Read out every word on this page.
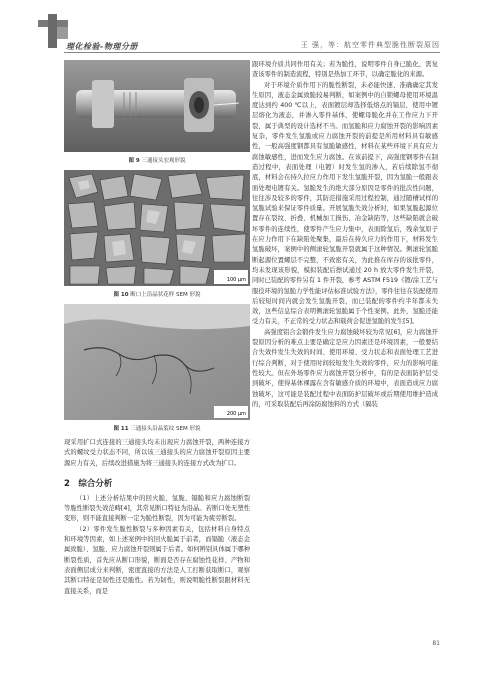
理化检验-物理分册	王 强，等：航空零件典型脆性断裂原因
图 9 三通接头宏观形貌
100 μm
图 10 断口上沿晶状花样 SEM 形貌
200 μm
图 11 三通接头沿晶裂纹 SEM 形貌

现采用扩口式连接的三通接头均未出现应力腐蚀开裂，两种连接方式的螺纹受力状态不同，所以该三通接头的应力腐蚀开裂原因主要源应力有关，后续改进措施为将三通接头的连接方式改为扩口。

2　综合分析

（1）上述分析结果中的回火脆、氢脆、镉脆和应力腐蚀断裂等脆性断裂失效范畴[4]，其常见断口特征为沿晶。若断口处无塑性变形，则不能直接判断一定为脆性断裂，因为可能为疲劳断裂。

（2）零件发生脆性断裂与多种因素有关，包括材料自身特点和环境等因素，如上述案例中的回火脆属于前者，而镉脆（液态金属致脆）、氢脆、应力腐蚀开裂则属于后者。如何辨别具体属于哪种断裂性质，首先应从断口形貌，断面是否存在腐蚀性花样、产物和表面侧层成分来判断，密度直接的方法是人工打断获取断口，观察其断口特征是韧性还是脆性。若为韧性，则说明脆性断裂跟材料无直接关系，而是

跟环境介质共同作用有关；若为脆性，说明零件自身已脆化，需复查该零件的制造流程，特别是热加工环节，以确定脆化的来源。

对于环境介质作用下的脆性断裂，未必能快速、准确确定其发生原因，液态金属致脆较易判断，如案例中的自锁螺母使用环境温度达到约 400 ℃以上，表面镀层却选择低熔点的镉层，使用中镀层熔化为液态，并渗入零件基体，使螺母脆化并在工作应力下开裂，属于典型的设计选材不当。而氢脆和应力腐蚀开裂的影响因素复杂，零件发生氢脆或应力腐蚀开裂的前提是所用材料具有敏感性，一般高强度钢都具有氢脆敏感性，材料在某些环境下具有应力腐蚀敏感性，进而发生应力腐蚀。在该前提下，高强度钢零件在制造过程中，表面处理（电镀）时发生氢的渗入，若后续除氢不彻底，材料会在持久拉应力作用下发生氢脆开裂，因为氢脆一般跟表面处理电镀有关。氢脆发生的绝大部分原因是零件的批次性问题，往往涉及较多的零件，其防范措施采用过程控制，通过随槽试样的氢脆试验来保证零件质量。开展氢脆失效分析时，如果氢脆起源位置存在裂纹、折叠、机械加工损伤、冶金缺陷等，这些缺陷就会破坏零件的连续性，使零件产生应力集中，表面除氢后，残余氢原子在应力作用下在缺陷处聚集，最后在持久应力的作用下，材料发生氢脆破坏，案例中的侧滚轮氢脆开裂就属于这种情况。侧滚轮氢脆断起源位置螺层不完整，不致密有关，为此推在库存的该批零件，均未发现该形貌，模拟装配后擦试通过 20 h 放大零件发生开裂，同时已装配的零件另有 1 件开裂，参考 ASTM F519《镀/涂工艺与服役环境的氢脆力学性能评估标准试验方法》，零件往往在装配使用后较短时间内就会发生氢脆开裂，而已装配的零件约半年都未失效，这些信息综合表明侧滚轮氢脆属于个性案例。此外，氢脆还能受力有关，不正常的受力状态和载荷会促进氢脆的发生[5]。

高强度铝合金锻件发生应力腐蚀破坏较为常见[6]，应力腐蚀开裂原因分析的难点主要是确定是应力因素还是环境因素，一般要结合失效件发生失效的时间、使用环境、受力状态和表面处理工艺进行综合判断，对于使用时间较短发生失效的零件，应力的影响可能性较大。但在外场零件应力腐蚀开裂分析中，有的是表面防护层受到破坏，使得基体裸露在含有敏感介质的环境中，表面造成应力腐蚀破坏，这可能是装配过程中表面防护层破坏或后期使用维护造成的，可采取装配后再涂防腐蚀料的方式（隔装

81
